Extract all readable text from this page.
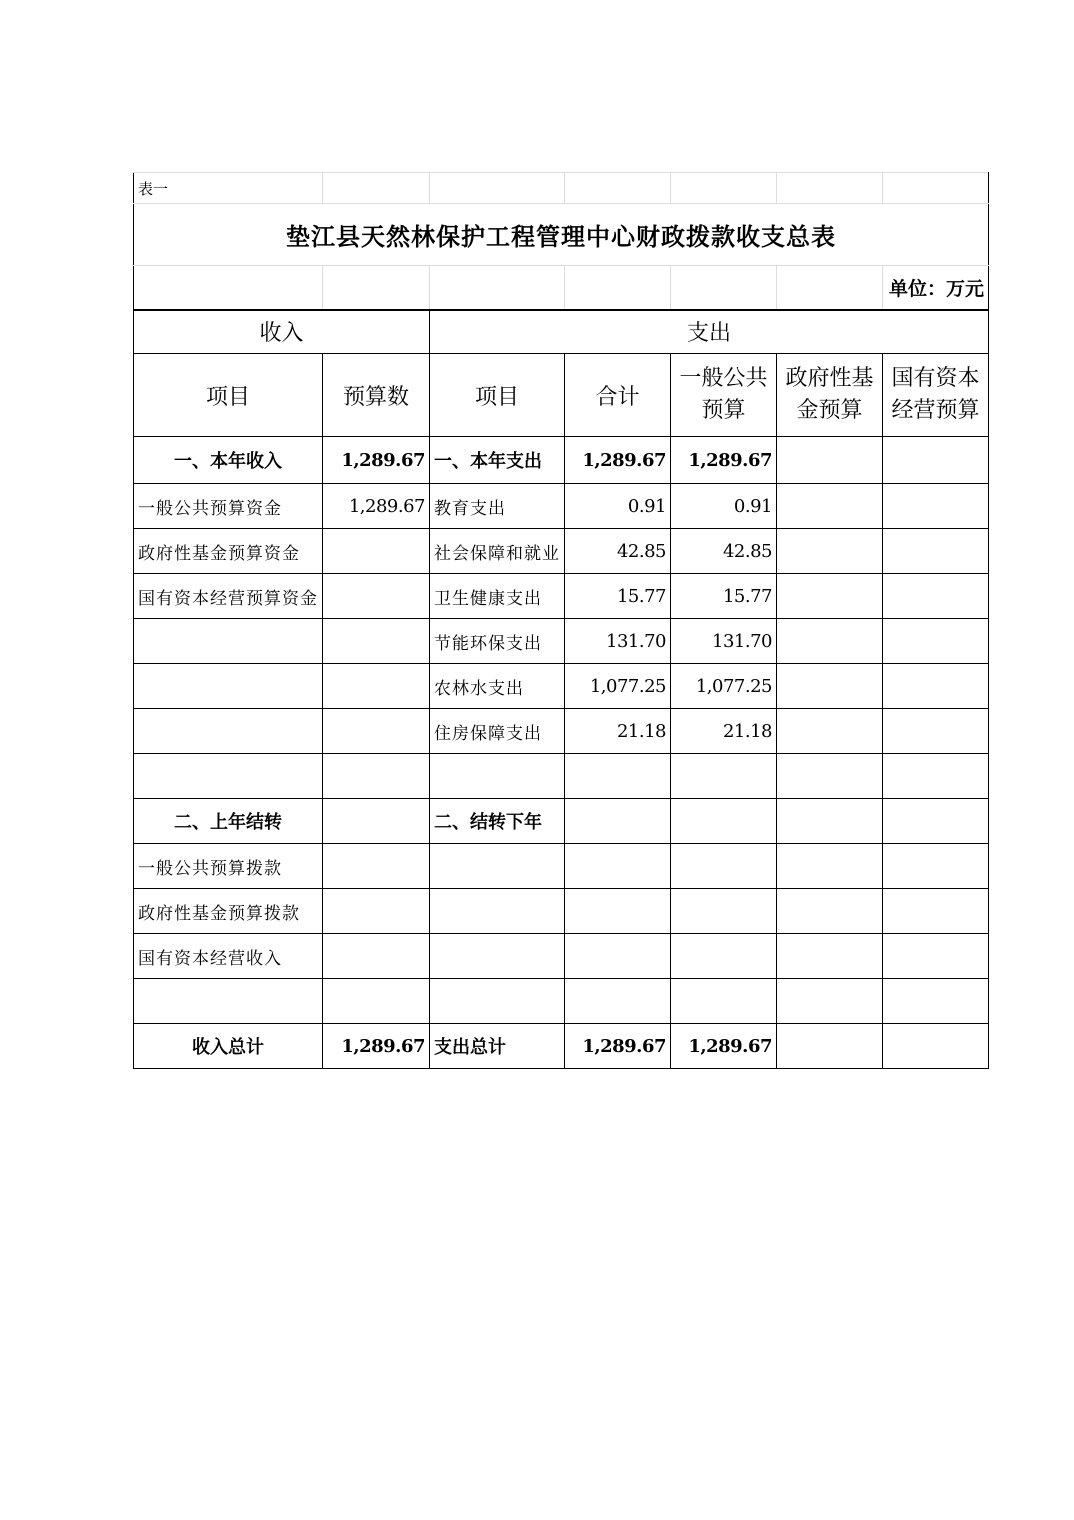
表一						
垫江县天然林保护工程管理中心财政拨款收支总表						
						单位：万元
收入		支出				
项目	预算数	项目	合计	一般公共预算	政府性基金预算	国有资本经营预算
一、本年收入	1,289.67	一、本年支出	1,289.67	1,289.67		
一般公共预算资金	1,289.67	教育支出	0.91	0.91		
政府性基金预算资金		社会保障和就业	42.85	42.85		
国有资本经营预算资金		卫生健康支出	15.77	15.77		
		节能环保支出	131.70	131.70		
		农林水支出	1,077.25	1,077.25		
		住房保障支出	21.18	21.18		

二、上年结转		二、结转下年				
一般公共预算拨款						
政府性基金预算拨款						
国有资本经营收入						

收入总计	1,289.67	支出总计	1,289.67	1,289.67		
